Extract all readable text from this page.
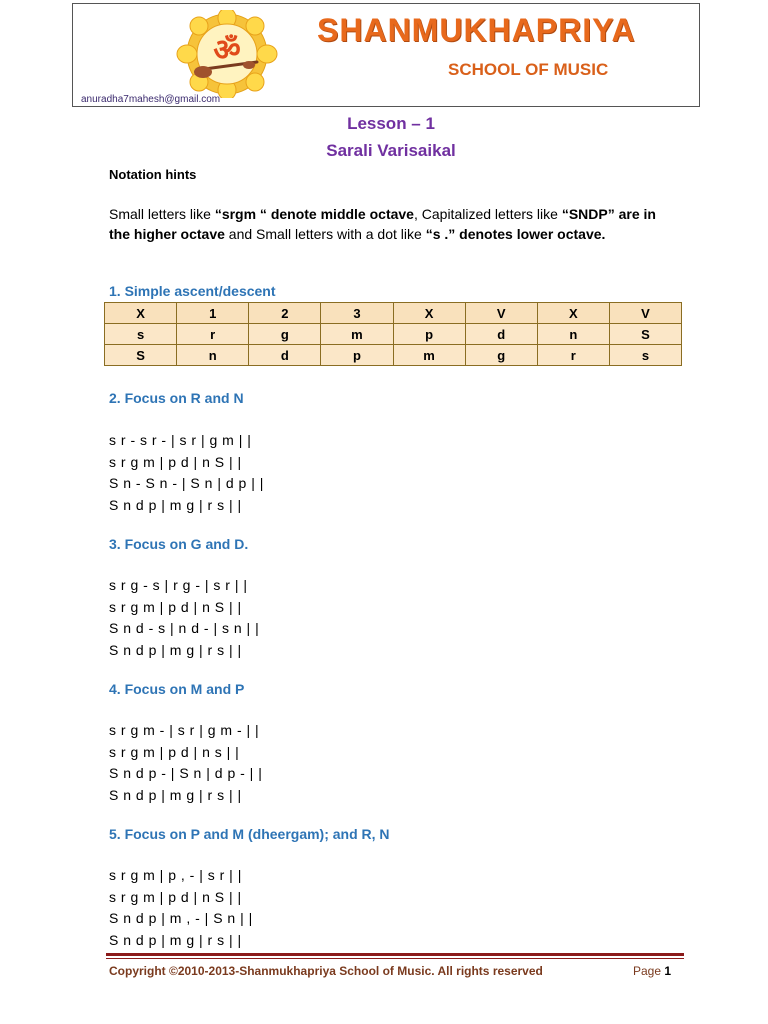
ॐ
SHANMUKHAPRIYA
SCHOOL OF MUSIC
anuradha7mahesh@gmail.com
Lesson – 1
Sarali Varisaikal
Notation hints
Small letters like “srgm “ denote middle octave, Capitalized letters like “SNDP” are in the higher octave and Small letters with a dot like “s .” denotes lower octave.
1. Simple ascent/descent
X	1	2	3	X	V	X	V
s	r	g	m	p	d	n	S
S	n	d	p	m	g	r	s
2. Focus on R and N
s r - s r - | s r | g m | |
s r g m | p d | n S | |
S n - S n - | S n | d p | |
S n d p | m g | r s | |
3. Focus on G and D.
s r g - s | r g - | s r | |
s r g m | p d | n S | |
S n d - s | n d - | s n | |
S n d p | m g | r s | |
4. Focus on M and P
s r g m - | s r | g m - | |
s r g m | p d | n s | |
S n d p - | S n | d p - | |
S n d p | m g | r s | |
5. Focus on P and M (dheergam); and R, N
s r g m | p , - | s r | |
s r g m | p d | n S | |
S n d p | m , - | S n | |
S n d p | m g | r s | |
Copyright ©2010-2013-Shanmukhapriya School of Music. All rights reserved	Page 1
